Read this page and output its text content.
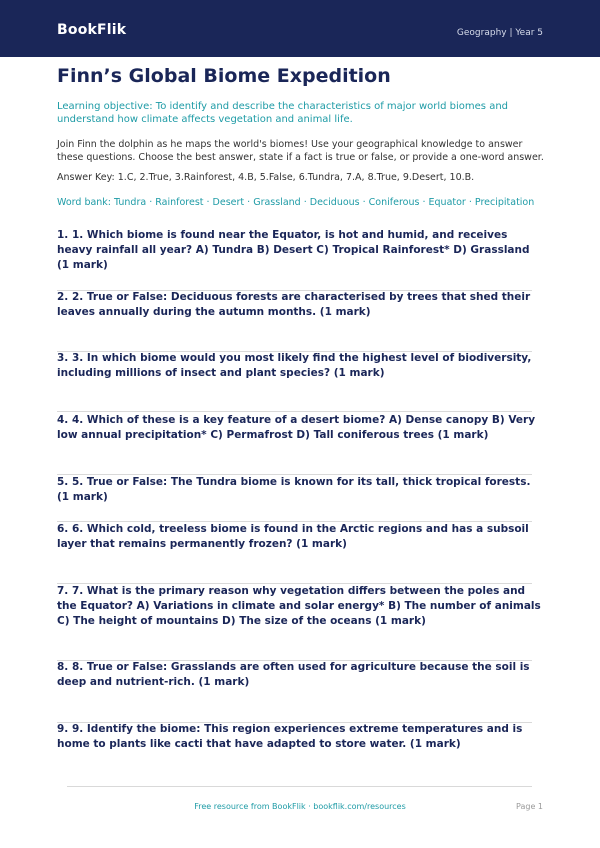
BookFlik	Geography | Year 5
Finn’s Global Biome Expedition
Learning objective: To identify and describe the characteristics of major world biomes and understand how climate affects vegetation and animal life.
Join Finn the dolphin as he maps the world's biomes! Use your geographical knowledge to answer these questions. Choose the best answer, state if a fact is true or false, or provide a one-word answer.
Answer Key: 1.C, 2.True, 3.Rainforest, 4.B, 5.False, 6.Tundra, 7.A, 8.True, 9.Desert, 10.B.
Word bank: Tundra · Rainforest · Desert · Grassland · Deciduous · Coniferous · Equator · Precipitation
1. 1. Which biome is found near the Equator, is hot and humid, and receives heavy rainfall all year? A) Tundra B) Desert C) Tropical Rainforest* D) Grassland (1 mark)
2. 2. True or False: Deciduous forests are characterised by trees that shed their leaves annually during the autumn months. (1 mark)
3. 3. In which biome would you most likely find the highest level of biodiversity, including millions of insect and plant species? (1 mark)
4. 4. Which of these is a key feature of a desert biome? A) Dense canopy B) Very low annual precipitation* C) Permafrost D) Tall coniferous trees (1 mark)
5. 5. True or False: The Tundra biome is known for its tall, thick tropical forests. (1 mark)
6. 6. Which cold, treeless biome is found in the Arctic regions and has a subsoil layer that remains permanently frozen? (1 mark)
7. 7. What is the primary reason why vegetation differs between the poles and the Equator? A) Variations in climate and solar energy* B) The number of animals C) The height of mountains D) The size of the oceans (1 mark)
8. 8. True or False: Grasslands are often used for agriculture because the soil is deep and nutrient-rich. (1 mark)
9. 9. Identify the biome: This region experiences extreme temperatures and is home to plants like cacti that have adapted to store water. (1 mark)
Free resource from BookFlik · bookflik.com/resources	Page 1
